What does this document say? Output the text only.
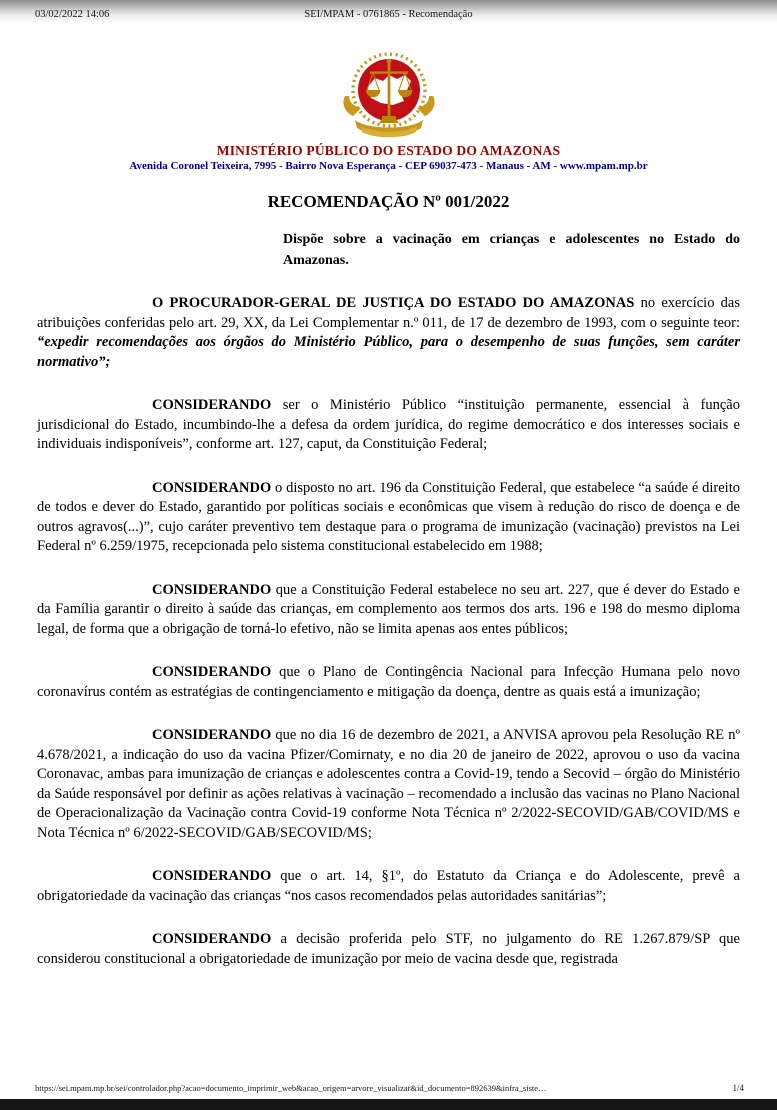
03/02/2022 14:06	SEI/MPAM - 0761865 - Recomendação
MINISTÉRIO PÚBLICO DO ESTADO DO AMAZONAS
Avenida Coronel Teixeira, 7995 - Bairro Nova Esperança - CEP 69037-473 - Manaus - AM - www.mpam.mp.br
RECOMENDAÇÃO Nº 001/2022
Dispõe sobre a vacinação em crianças e adolescentes no Estado do Amazonas.

O PROCURADOR-GERAL DE JUSTIÇA DO ESTADO DO AMAZONAS no exercício das atribuições conferidas pelo art. 29, XX, da Lei Complementar n.º 011, de 17 de dezembro de 1993, com o seguinte teor: “expedir recomendações aos órgãos do Ministério Público, para o desempenho de suas funções, sem caráter normativo”;

CONSIDERANDO ser o Ministério Público “instituição permanente, essencial à função jurisdicional do Estado, incumbindo-lhe a defesa da ordem jurídica, do regime democrático e dos interesses sociais e individuais indisponíveis”, conforme art. 127, caput, da Constituição Federal;

CONSIDERANDO o disposto no art. 196 da Constituição Federal, que estabelece “a saúde é direito de todos e dever do Estado, garantido por políticas sociais e econômicas que visem à redução do risco de doença e de outros agravos(...)”, cujo caráter preventivo tem destaque para o programa de imunização (vacinação) previstos na Lei Federal nº 6.259/1975, recepcionada pelo sistema constitucional estabelecido em 1988;

CONSIDERANDO que a Constituição Federal estabelece no seu art. 227, que é dever do Estado e da Família garantir o direito à saúde das crianças, em complemento aos termos dos arts. 196 e 198 do mesmo diploma legal, de forma que a obrigação de torná-lo efetivo, não se limita apenas aos entes públicos;

CONSIDERANDO que o Plano de Contingência Nacional para Infecção Humana pelo novo coronavírus contém as estratégias de contingenciamento e mitigação da doença, dentre as quais está a imunização;

CONSIDERANDO que no dia 16 de dezembro de 2021, a ANVISA aprovou pela Resolução RE nº 4.678/2021, a indicação do uso da vacina Pfizer/Comirnaty, e no dia 20 de janeiro de 2022, aprovou o uso da vacina Coronavac, ambas para imunização de crianças e adolescentes contra a Covid-19, tendo a Secovid – órgão do Ministério da Saúde responsável por definir as ações relativas à vacinação – recomendado a inclusão das vacinas no Plano Nacional de Operacionalização da Vacinação contra Covid-19 conforme Nota Técnica nº 2/2022-SECOVID/GAB/COVID/MS e Nota Técnica nº 6/2022-SECOVID/GAB/SECOVID/MS;

CONSIDERANDO que o art. 14, §1º, do Estatuto da Criança e do Adolescente, prevê a obrigatoriedade da vacinação das crianças “nos casos recomendados pelas autoridades sanitárias”;

CONSIDERANDO a decisão proferida pelo STF, no julgamento do RE 1.267.879/SP que considerou constitucional a obrigatoriedade de imunização por meio de vacina desde que, registrada

https://sei.mpam.mp.br/sei/controlador.php?acao=documento_imprimir_web&acao_origem=arvore_visualizar&id_documento=892639&infra_siste…	1/4
